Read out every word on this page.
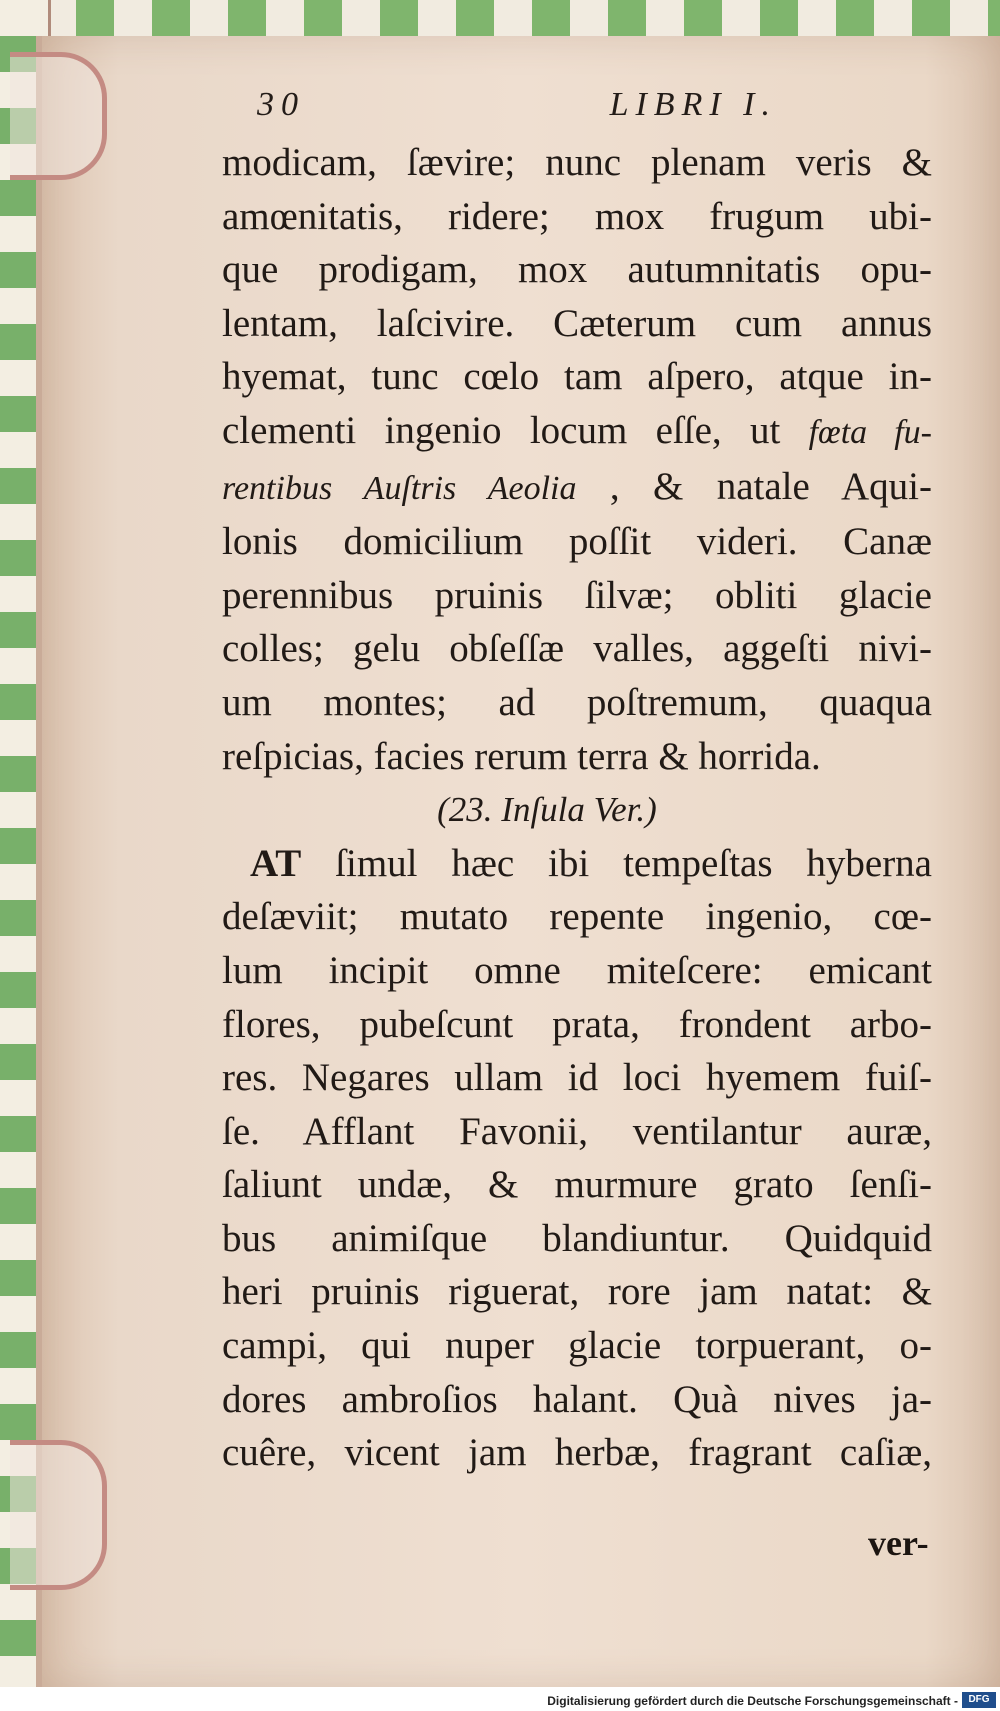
30	LIBRI I.
modicam, ſævire; nunc plenam veris &
amœnitatis, ridere; mox frugum ubi-
que prodigam, mox autumnitatis opu-
lentam, laſcivire. Cæterum cum annus
hyemat, tunc cœlo tam aſpero, atque in-
clementi ingenio locum eſſe, ut fœta fu-
rentibus Auſtris Aeolia , & natale Aqui-
lonis domicilium poſſit videri. Canæ
perennibus pruinis ſilvæ; obliti glacie
colles; gelu obſeſſæ valles, aggeſti nivi-
um montes; ad poſtremum, quaqua
reſpicias, facies rerum terra & horrida.
(23. Inſula Ver.)
AT ſimul hæc ibi tempeſtas hyberna
deſæviit; mutato repente ingenio, cœ-
lum incipit omne miteſcere: emicant
flores, pubeſcunt prata, frondent arbo-
res. Negares ullam id loci hyemem fuiſ-
ſe. Afflant Favonii, ventilantur auræ,
ſaliunt undæ, & murmure grato ſenſi-
bus animiſque blandiuntur. Quidquid
heri pruinis riguerat, rore jam natat: &
campi, qui nuper glacie torpuerant, o-
dores ambroſios halant. Quà nives ja-
cuêre, vicent jam herbæ, fragrant caſiæ,
ver-
Digitalisierung gefördert durch die Deutsche Forschungsgemeinschaft -	DFG
